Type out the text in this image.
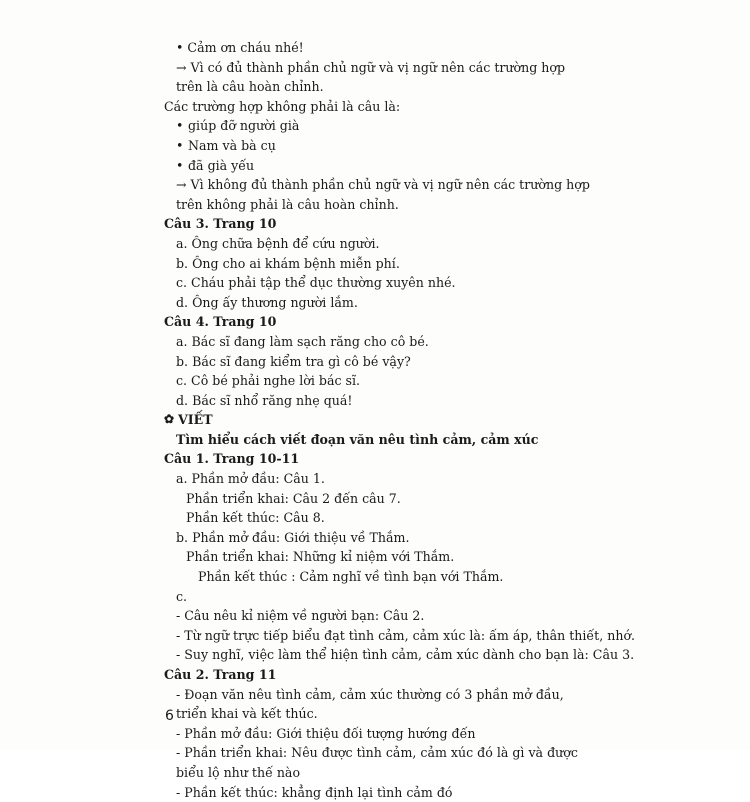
• Cảm ơn cháu nhé!
→ Vì có đủ thành phần chủ ngữ và vị ngữ nên các trường hợp trên là câu hoàn chỉnh.
Các trường hợp không phải là câu là:
• giúp đỡ người già
• Nam và bà cụ
• đã già yếu
→ Vì không đủ thành phần chủ ngữ và vị ngữ nên các trường hợp trên không phải là câu hoàn chỉnh.
Câu 3. Trang 10
a. Ông chữa bệnh để cứu người.
b. Ông cho ai khám bệnh miễn phí.
c. Cháu phải tập thể dục thường xuyên nhé.
d. Ông ấy thương người lắm.
Câu 4. Trang 10
a. Bác sĩ đang làm sạch răng cho cô bé.
b. Bác sĩ đang kiểm tra gì cô bé vậy?
c. Cô bé phải nghe lời bác sĩ.
d. Bác sĩ nhổ răng nhẹ quá!
✿ VIẾT
Tìm hiểu cách viết đoạn văn nêu tình cảm, cảm xúc
Câu 1. Trang 10-11
a. Phần mở đầu: Câu 1.
Phần triển khai: Câu 2 đến câu 7.
Phần kết thúc: Câu 8.
b. Phần mở đầu: Giới thiệu về Thắm.
Phần triển khai: Những kỉ niệm với Thắm.
Phần kết thúc : Cảm nghĩ về tình bạn với Thắm.
c.
- Câu nêu kỉ niệm về người bạn: Câu 2.
- Từ ngữ trực tiếp biểu đạt tình cảm, cảm xúc là: ấm áp, thân thiết, nhớ.
- Suy nghĩ, việc làm thể hiện tình cảm, cảm xúc dành cho bạn là: Câu 3.
Câu 2. Trang 11
- Đoạn văn nêu tình cảm, cảm xúc thường có 3 phần mở đầu, triển khai và kết thúc.
- Phần mở đầu: Giới thiệu đối tượng hướng đến
- Phần triển khai: Nêu được tình cảm, cảm xúc đó là gì và được biểu lộ như thế nào
- Phần kết thúc: khẳng định lại tình cảm đó
6
